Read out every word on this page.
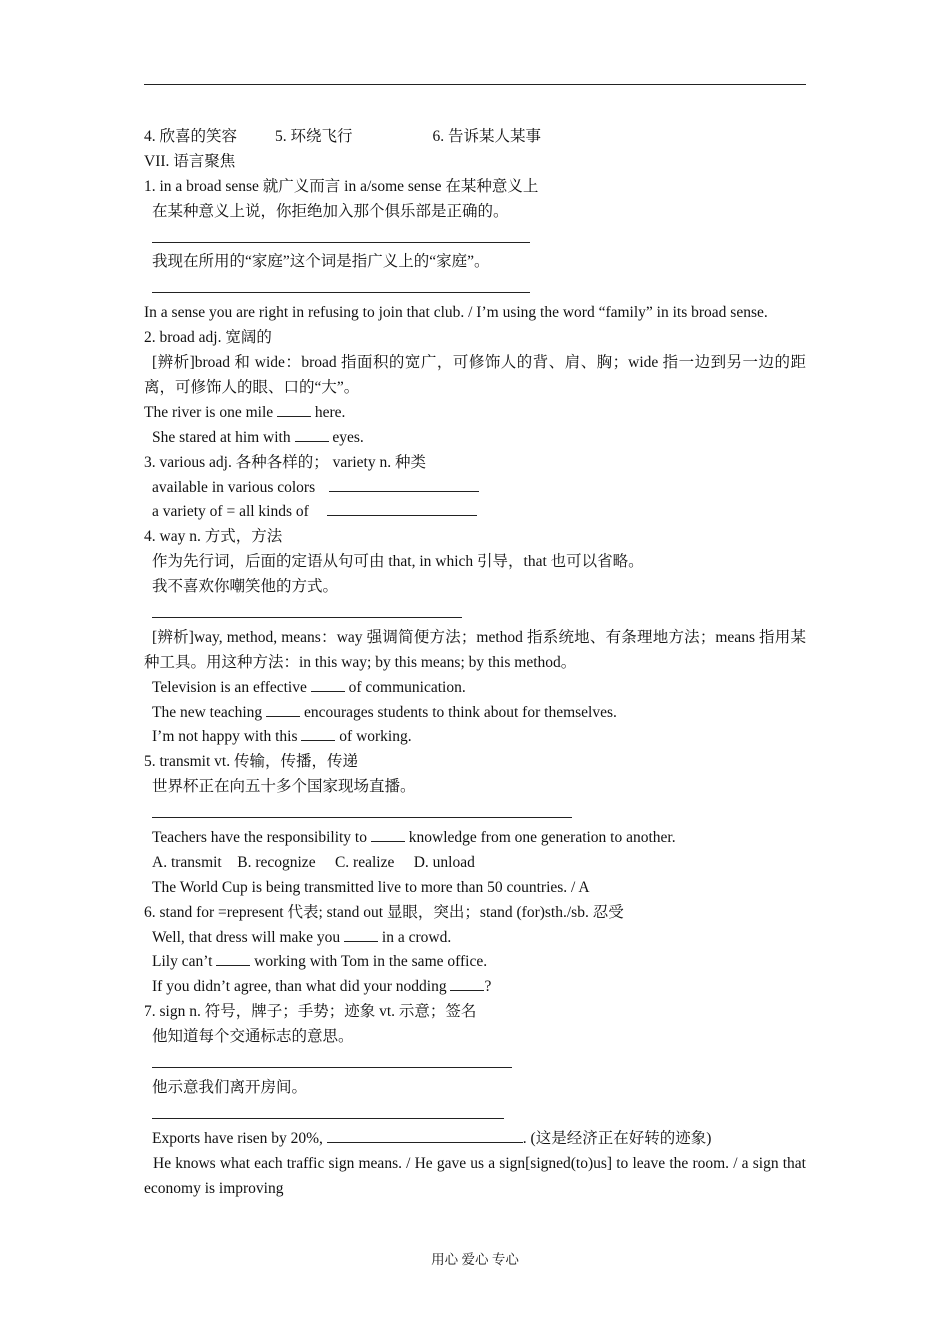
4. 欣喜的笑容 5. 环绕飞行	6. 告诉某人某事
VII. 语言聚焦
1. in a broad sense 就广义而言 in a/some sense 在某种意义上
在某种意义上说，你拒绝加入那个俱乐部是正确的。
我现在所用的“家庭”这个词是指广义上的“家庭”。
In a sense you are right in refusing to join that club. / I’m using the word “family” in its broad sense.
2. broad adj. 宽阔的
[辨析]broad 和 wide：broad 指面积的宽广，可修饰人的背、肩、胸；wide 指一边到另一边的距离，可修饰人的眼、口的“大”。
The river is one mile  here.
She stared at him with  eyes.
3. various adj. 各种各样的； variety n. 种类
available in various colors
a variety of = all kinds of
4. way n. 方式，方法
作为先行词，后面的定语从句可由 that, in which 引导，that 也可以省略。
我不喜欢你嘲笑他的方式。
[辨析]way, method, means：way 强调简便方法；method 指系统地、有条理地方法；means 指用某种工具。用这种方法：in this way; by this means; by this method。
Television is an effective  of communication.
The new teaching  encourages students to think about for themselves.
I’m not happy with this  of working.
5. transmit vt. 传输，传播，传递
世界杯正在向五十多个国家现场直播。
Teachers have the responsibility to  knowledge from one generation to another.
A. transmit    B. recognize     C. realize     D. unload
The World Cup is being transmitted live to more than 50 countries. / A
6. stand for =represent 代表; stand out 显眼，突出；stand (for)sth./sb. 忍受
Well, that dress will make you  in a crowd.
Lily can’t  working with Tom in the same office.
If you didn’t agree, than what did your nodding ?
7. sign n. 符号，牌子；手势；迹象 vt. 示意；签名
他知道每个交通标志的意思。
他示意我们离开房间。
Exports have risen by 20%,	. (这是经济正在好转的迹象)
He knows what each traffic sign means. / He gave us a sign[signed(to)us] to leave the room. / a sign that economy is improving
用心 爱心 专心
